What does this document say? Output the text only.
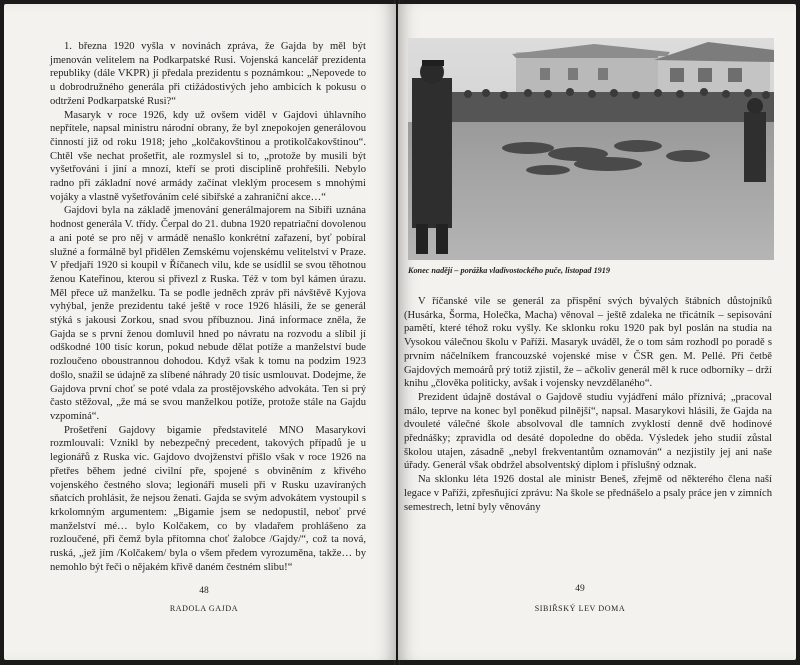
1. března 1920 vyšla v novinách zpráva, že Gajda by měl být jmenován velitelem na Podkarpatské Rusi. Vojenská kancelář prezidenta republiky (dále VKPR) jí předala prezidentu s poznámkou: „Nepovede to u dobrodružného generála při ctižádostivých jeho ambicích k pokusu o odtržení Podkarpatské Rusi?“

Masaryk v roce 1926, kdy už ovšem viděl v Gajdovi úhlavního nepřítele, napsal ministru národní obrany, že byl znepokojen generálovou činností již od roku 1918; jeho „kolčakovštinou a protikolčakovštinou“. Chtěl vše nechat prošetřit, ale rozmyslel si to, „protože by musili být vyšetřováni i jiní a mnozí, kteří se proti disciplině prohřešili. Nebylo radno při základní nové armády začínat vleklým procesem s mnohými vojáky a vlastně vyšetřováním celé sibiřské a zahraniční akce…“

Gajdovi byla na základě jmenování generálmajorem na Sibiři uznána hodnost generála V. třídy. Čerpal do 21. dubna 1920 repatriační dovolenou a ani poté se pro něj v armádě nenašlo konkrétní zařazení, byť pobíral služné a formálně byl přidělen Zemskému vojenskému velitelství v Praze. V předjaří 1920 si koupil v Říčanech vilu, kde se usídlil se svou těhotnou ženou Kateřinou, kterou si přivezl z Ruska. Též v tom byl kámen úrazu. Měl přece už manželku. Ta se podle jedněch zpráv při návštěvě Kyjova vyhýbal, jenže prezidentu také ještě v roce 1926 hlásili, že se generál stýká s jakousi Zorkou, snad svou příbuznou. Jiná informace zněla, že Gajda se s první ženou domluvil hned po návratu na rozvodu a slíbil jí odškodné 100 tisíc korun, pokud nebude dělat potíže a manželství bude rozloučeno oboustrannou dohodou. Když však k tomu na podzim 1923 došlo, snažil se údajně za slíbené náhrady 20 tisíc usmlouvat. Dodejme, že Gajdova první choť se poté vdala za prostějovského advokáta. Ten si prý často stěžoval, „že má se svou manželkou potíže, protože stále na Gajdu vzpomíná“.

Prošetření Gajdovy bigamie představitelé MNO Masarykovi rozmlouvali: Vznikl by nebezpečný precedent, takových případů je u legionářů z Ruska víc. Gajdovo dvojženství přišlo však v roce 1926 na přetřes během jedné civilní pře, spojené s obviněním z křivého vojenského čestného slova; legionáři museli při v Rusku uzavíraných sňatcích prohlásit, že nejsou ženati. Gajda se svým advokátem vystoupil s krkolomným argumentem: „Bigamie jsem se nedopustil, neboť prvé manželství mé… bylo Kolčakem, co by vladařem prohlášeno za rozloučené, při čemž byla přítomna choť žalobce /Gajdy/“, což ta nová, ruská, „jež jím /Kolčakem/ byla o všem předem vyrozuměna, takže… by nemohlo být řeči o nějakém křivě daném čestném slibu!“

48
RADOLA GAJDA
Konec nadějí – porážka vladivostockého puče, listopad 1919

V říčanské vile se generál za přispění svých bývalých štábních důstojníků (Husárka, Šorma, Holečka, Macha) věnoval – ještě zdaleka ne třicátník – sepisování pamětí, které téhož roku vyšly. Ke sklonku roku 1920 pak byl poslán na studia na Vysokou válečnou školu v Paříži. Masaryk uváděl, že o tom sám rozhodl po poradě s prvním náčelníkem francouzské vojenské mise v ČSR gen. M. Pellé. Při četbě Gajdových memoárů prý totiž zjistil, že – ačkoliv generál měl k ruce odborníky – drží knihu „člověka politicky, avšak i vojensky nevzdělaného“.

Prezident údajně dostával o Gajdově studiu vyjádření málo příznivá; „pracoval málo, teprve na konec byl poněkud pilnější“, napsal. Masarykovi hlásili, že Gajda na dvouleté válečné škole absolvoval dle tamních zvyklostí denně dvě hodinové přednášky; zpravidla od desáté dopoledne do oběda. Výsledek jeho studií zůstal školou utajen, zásadně „nebyl frekventantům oznamován“ a nezjistily jej ani naše úřady. Generál však obdržel absolventský diplom i příslušný odznak.

Na sklonku léta 1926 dostal ale ministr Beneš, zřejmě od některého člena naší legace v Paříži, zpřesňující zprávu: Na škole se přednášelo a psaly práce jen v zimních semestrech, letní byly věnovány

49
SIBIŘSKÝ LEV DOMA
